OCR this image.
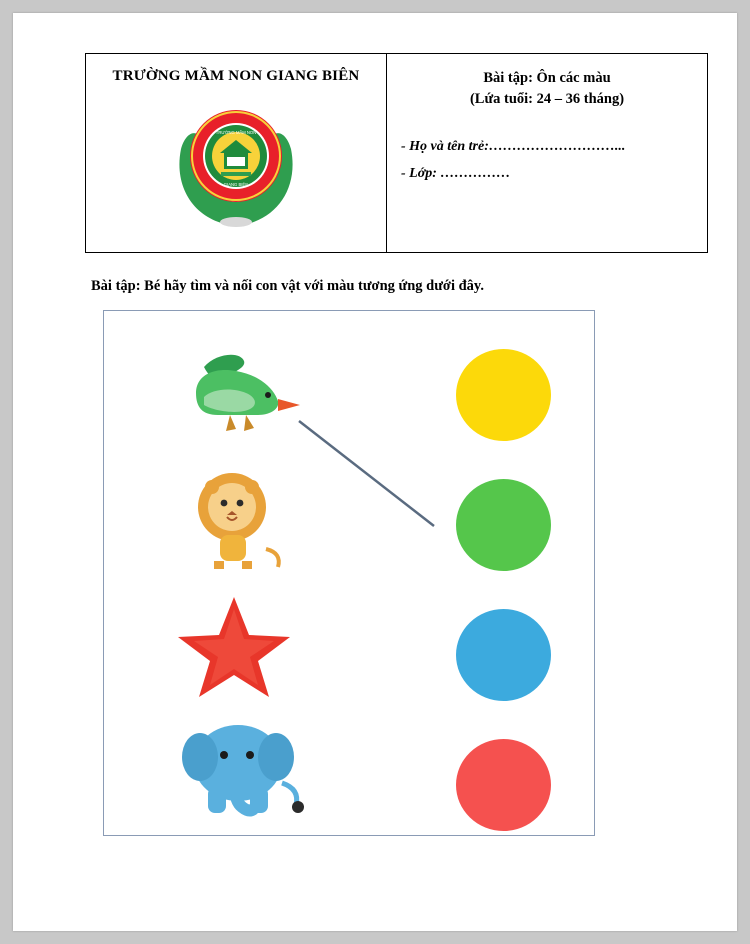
TRƯỜNG MẦM NON GIANG BIÊN
TRƯỜNG MẦM NON
GIANG BIÊN

Bài tập: Ôn các màu
(Lứa tuổi: 24 – 36 tháng)
- Họ và tên trẻ:………………………...
- Lớp: ……………
Bài tập: Bé hãy tìm và nối con vật với màu tương ứng dưới đây.
